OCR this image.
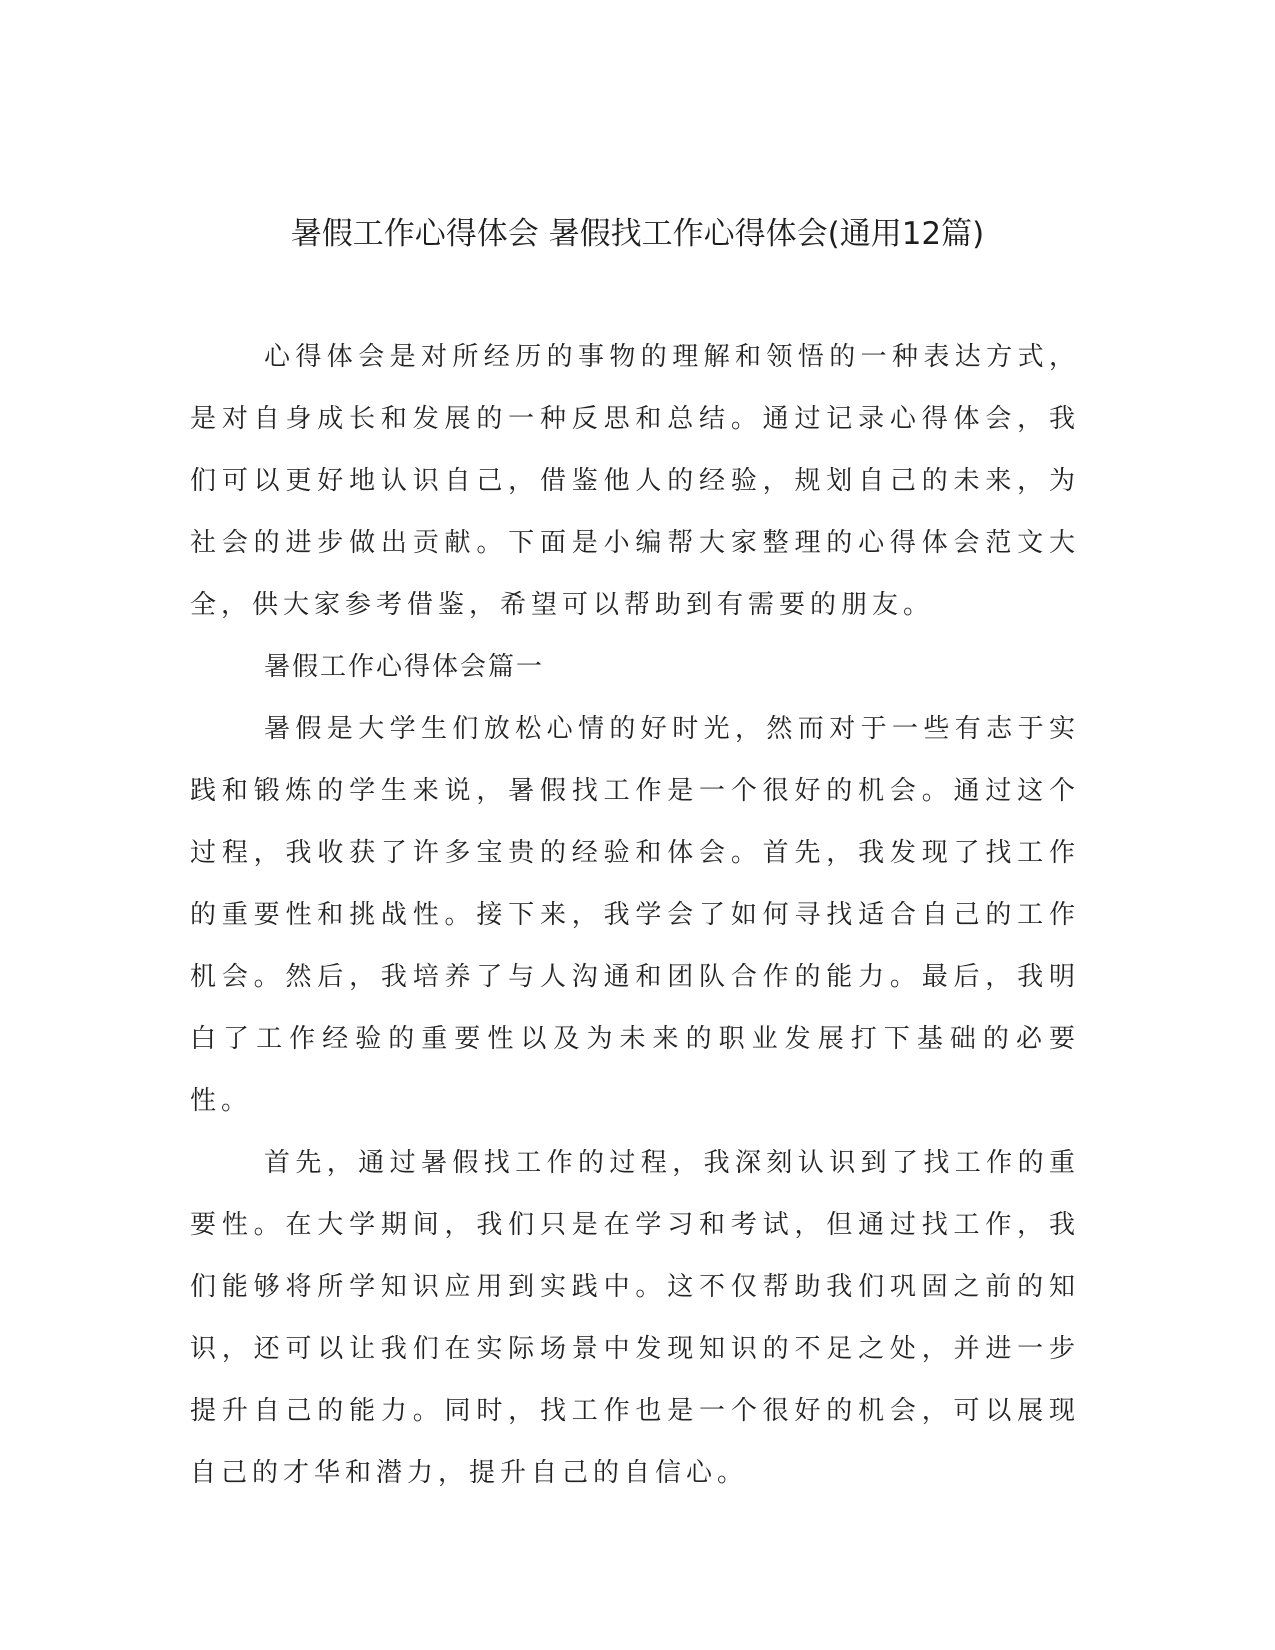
暑假工作心得体会 暑假找工作心得体会(通用12篇)

心得体会是对所经历的事物的理解和领悟的一种表达方式，是对自身成长和发展的一种反思和总结。通过记录心得体会，我们可以更好地认识自己，借鉴他人的经验，规划自己的未来，为社会的进步做出贡献。下面是小编帮大家整理的心得体会范文大全，供大家参考借鉴，希望可以帮助到有需要的朋友。

暑假工作心得体会篇一

暑假是大学生们放松心情的好时光，然而对于一些有志于实践和锻炼的学生来说，暑假找工作是一个很好的机会。通过这个过程，我收获了许多宝贵的经验和体会。首先，我发现了找工作的重要性和挑战性。接下来，我学会了如何寻找适合自己的工作机会。然后，我培养了与人沟通和团队合作的能力。最后，我明白了工作经验的重要性以及为未来的职业发展打下基础的必要性。

首先，通过暑假找工作的过程，我深刻认识到了找工作的重要性。在大学期间，我们只是在学习和考试，但通过找工作，我们能够将所学知识应用到实践中。这不仅帮助我们巩固之前的知识，还可以让我们在实际场景中发现知识的不足之处，并进一步提升自己的能力。同时，找工作也是一个很好的机会，可以展现自己的才华和潜力，提升自己的自信心。
